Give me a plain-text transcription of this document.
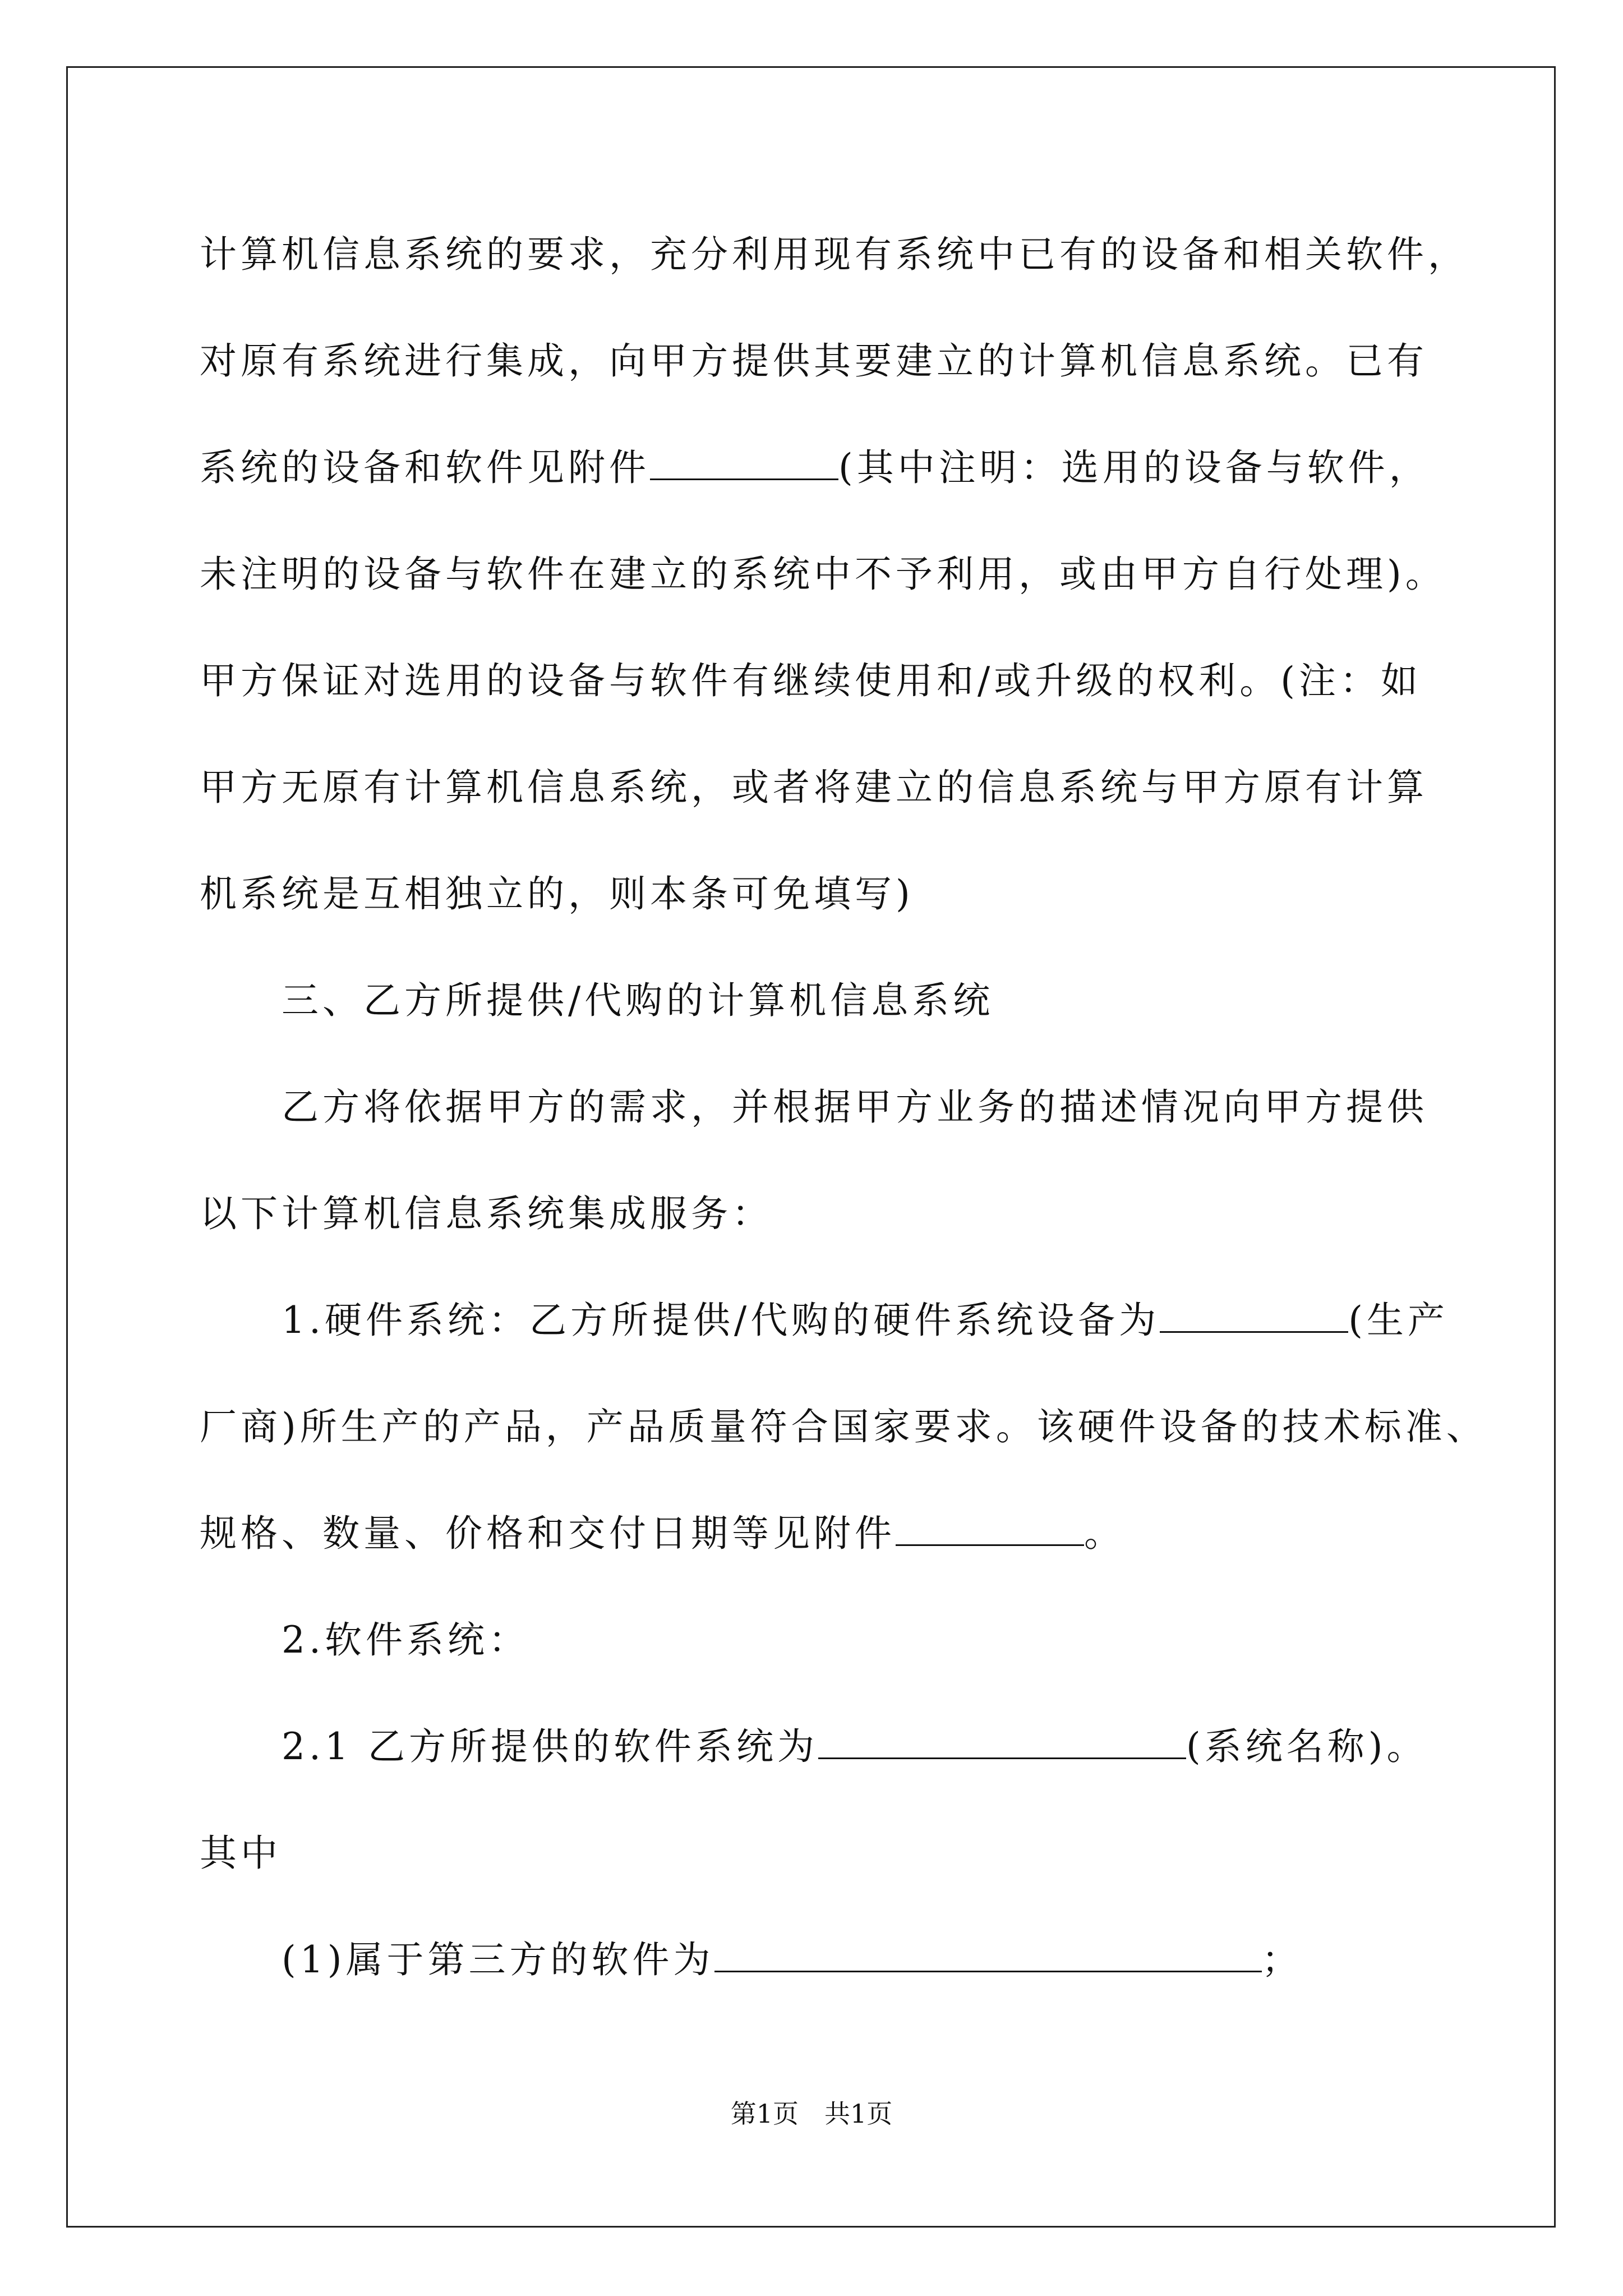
计算机信息系统的要求，充分利用现有系统中已有的设备和相关软件，
对原有系统进行集成，向甲方提供其要建立的计算机信息系统。已有
系统的设备和软件见附件	(其中注明：选用的设备与软件，
未注明的设备与软件在建立的系统中不予利用，或由甲方自行处理)。
甲方保证对选用的设备与软件有继续使用和/或升级的权利。(注：如
甲方无原有计算机信息系统，或者将建立的信息系统与甲方原有计算
机系统是互相独立的，则本条可免填写)
三、乙方所提供/代购的计算机信息系统
乙方将依据甲方的需求，并根据甲方业务的描述情况向甲方提供
以下计算机信息系统集成服务：
1.硬件系统：乙方所提供/代购的硬件系统设备为	(生产
厂商)所生产的产品，产品质量符合国家要求。该硬件设备的技术标准、
规格、数量、价格和交付日期等见附件	。
2.软件系统：
2.1 乙方所提供的软件系统为	(系统名称)。
其中
(1)属于第三方的软件为	；
第1页　共1页
